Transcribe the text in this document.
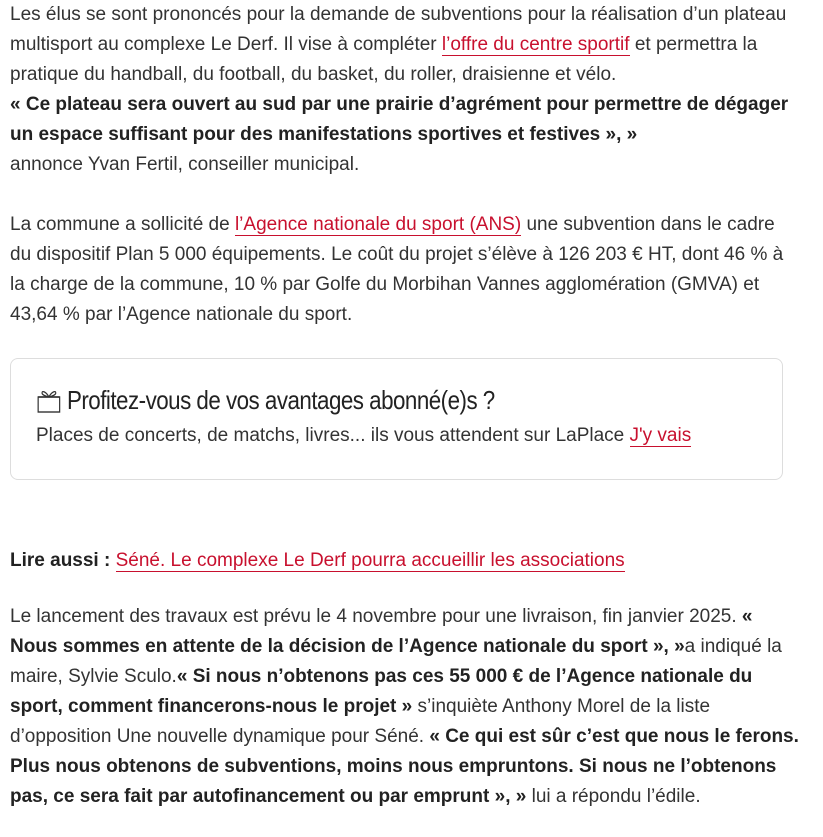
Les élus se sont prononcés pour la demande de subventions pour la réalisation d’un plateau multisport au complexe Le Derf. Il vise à compléter l’offre du centre sportif et permettra la pratique du handball, du football, du basket, du roller, draisienne et vélo.
« Ce plateau sera ouvert au sud par une prairie d’agrément pour permettre de dégager un espace suffisant pour des manifestations sportives et festives », »
annonce Yvan Fertil, conseiller municipal.

La commune a sollicité de l’Agence nationale du sport (ANS) une subvention dans le cadre du dispositif Plan 5 000 équipements. Le coût du projet s’élève à 126 203 € HT, dont 46 % à la charge de la commune, 10 % par Golfe du Morbihan Vannes agglomération (GMVA) et 43,64 % par l’Agence nationale du sport.

Profitez-vous de vos avantages abonné(e)s ?
Places de concerts, de matchs, livres... ils vous attendent sur LaPlace J'y vais

Lire aussi : Séné. Le complexe Le Derf pourra accueillir les associations

Le lancement des travaux est prévu le 4 novembre pour une livraison, fin janvier 2025. « Nous sommes en attente de la décision de l’Agence nationale du sport », »a indiqué la maire, Sylvie Sculo.« Si nous n’obtenons pas ces 55 000 € de l’Agence nationale du sport, comment financerons-nous le projet » s’inquiète Anthony Morel de la liste d’opposition Une nouvelle dynamique pour Séné. « Ce qui est sûr c’est que nous le ferons. Plus nous obtenons de subventions, moins nous empruntons. Si nous ne l’obtenons pas, ce sera fait par autofinancement ou par emprunt », » lui a répondu l’édile.
